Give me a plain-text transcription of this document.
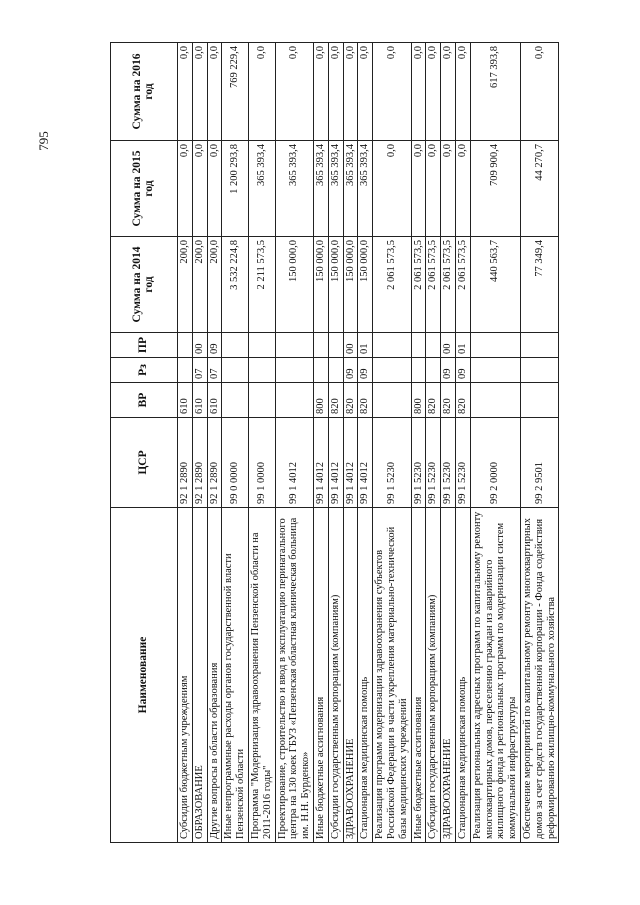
795
Наименование	ЦСР	ВР	Рз	ПР	Сумма на 2014 год	Сумма на 2015 год	Сумма на 2016 год
Субсидии бюджетным учреждениям	92 1 2890	610			200,0	0,0	0,0
ОБРАЗОВАНИЕ	92 1 2890	610	07	00	200,0	0,0	0,0
Другие вопросы в области образования	92 1 2890	610	07	09	200,0	0,0	0,0
Иные непрограммные расходы органов государственной власти Пензенской области	99 0 0000				3 532 224,8	1 200 293,8	769 229,4
Программа "Модернизация здравоохранения Пензенской области на 2011-2016 годы"	99 1 0000				2 211 573,5	365 393,4	0,0
Проектирование, строительство и ввод в эксплуатацию перинатального центра на 130 коек ГБУЗ «Пензенская областная клиническая больница им. Н.Н. Бурденко»	99 1 4012				150 000,0	365 393,4	0,0
Иные бюджетные ассигнования	99 1 4012	800			150 000,0	365 393,4	0,0
Субсидии государственным корпорациям (компаниям)	99 1 4012	820			150 000,0	365 393,4	0,0
ЗДРАВООХРАНЕНИЕ	99 1 4012	820	09	00	150 000,0	365 393,4	0,0
Стационарная медицинская помощь	99 1 4012	820	09	01	150 000,0	365 393,4	0,0
Реализация программ модернизации здравоохранения субъектов Российской Федерации в части укрепления материально-технической базы медицинских учреждений	99 1 5230				2 061 573,5	0,0	0,0
Иные бюджетные ассигнования	99 1 5230	800			2 061 573,5	0,0	0,0
Субсидии государственным корпорациям (компаниям)	99 1 5230	820			2 061 573,5	0,0	0,0
ЗДРАВООХРАНЕНИЕ	99 1 5230	820	09	00	2 061 573,5	0,0	0,0
Стационарная медицинская помощь	99 1 5230	820	09	01	2 061 573,5	0,0	0,0
Реализация региональных адресных программ по капитальному ремонту многоквартирных домов, переселению граждан из аварийного жилищного фонда и региональных программ по модернизации систем коммунальной инфраструктуры	99 2 0000				440 563,7	709 900,4	617 393,8
Обеспечение мероприятий по капитальному ремонту многоквартирных домов за счет средств государственной корпорации - Фонда содействия реформированию жилищно-коммунального хозяйства	99 2 9501				77 349,4	44 270,7	0,0
